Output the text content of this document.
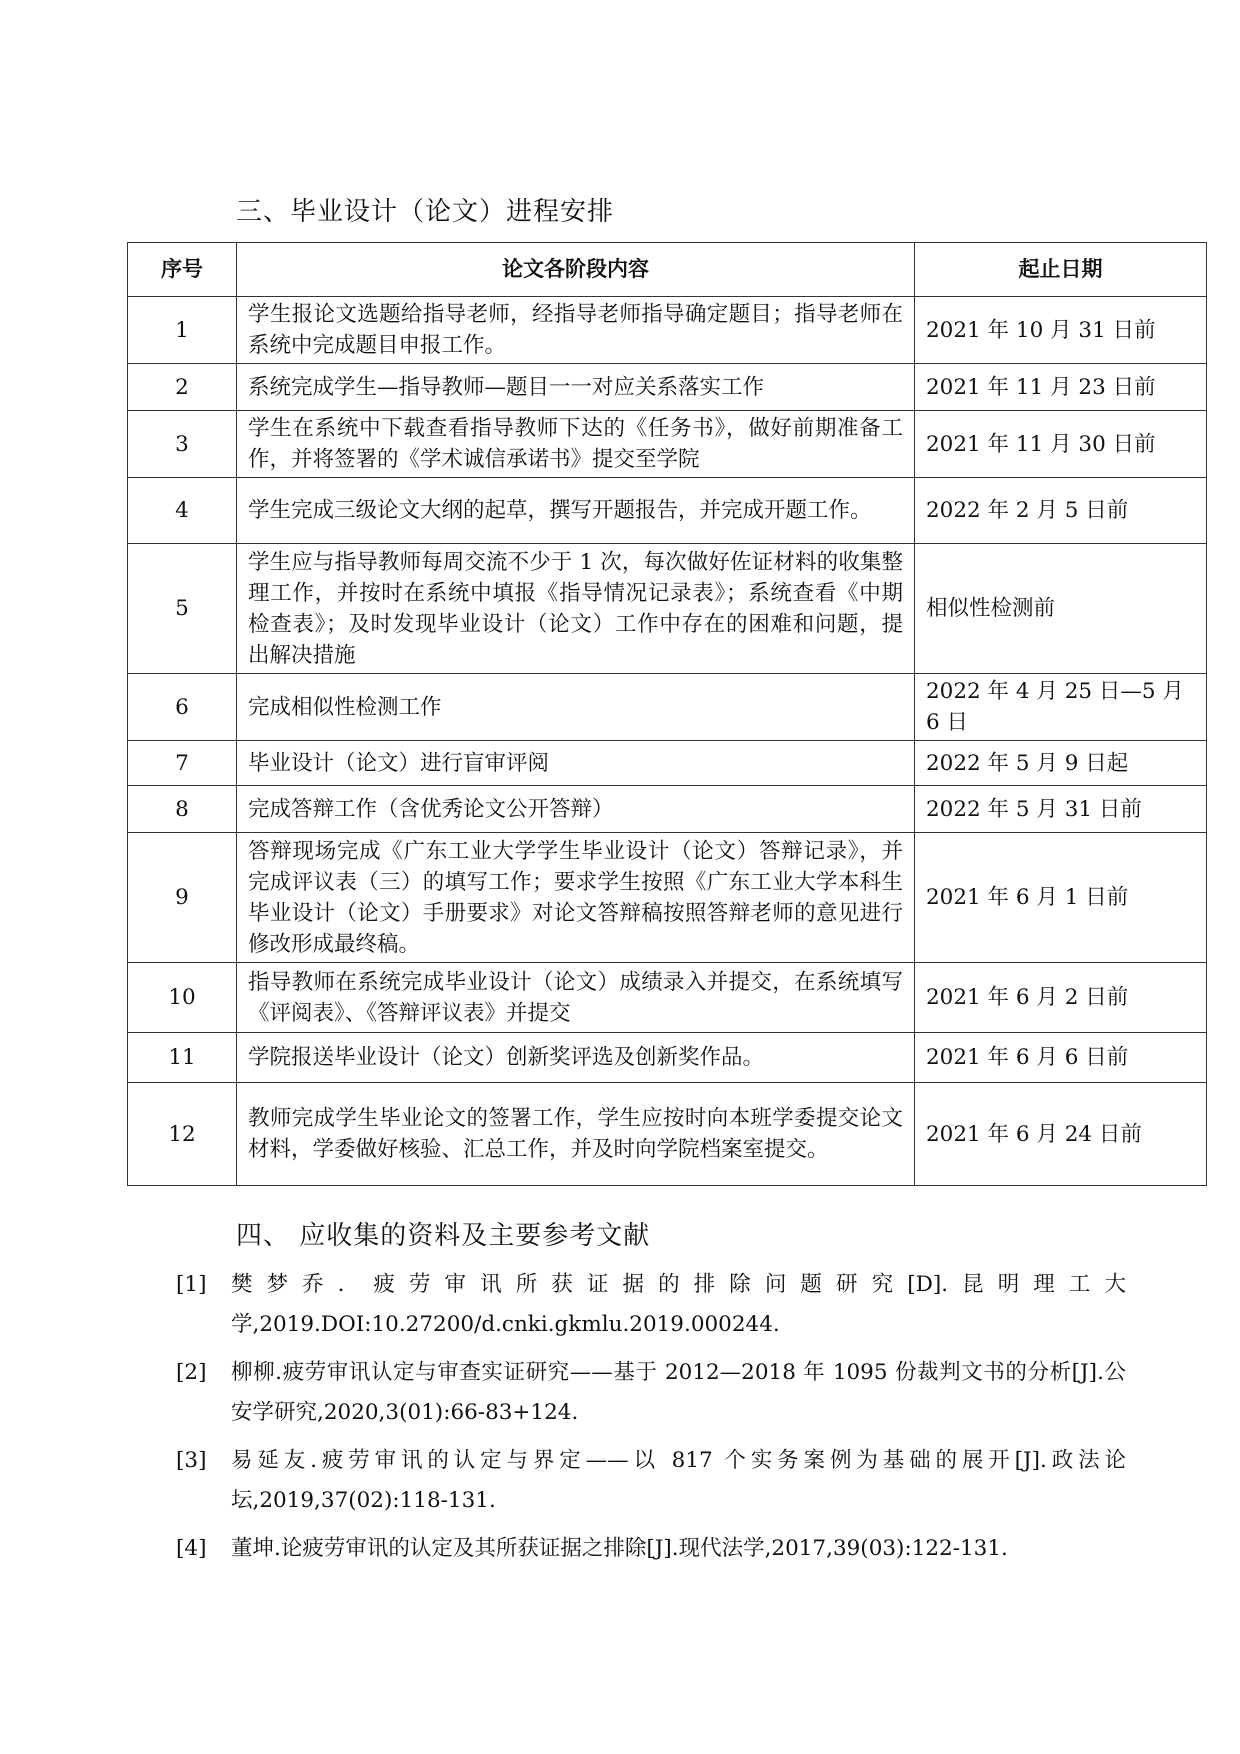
三、毕业设计（论文）进程安排
序号	论文各阶段内容	起止日期
1	学生报论文选题给指导老师，经指导老师指导确定题目；指导老师在系统中完成题目申报工作。	2021 年 10 月 31 日前
2	系统完成学生—指导教师—题目一一对应关系落实工作	2021 年 11 月 23 日前
3	学生在系统中下载查看指导教师下达的《任务书》，做好前期准备工作，并将签署的《学术诚信承诺书》提交至学院	2021 年 11 月 30 日前
4	学生完成三级论文大纲的起草，撰写开题报告，并完成开题工作。	2022 年 2 月 5 日前
5	学生应与指导教师每周交流不少于 1 次，每次做好佐证材料的收集整理工作，并按时在系统中填报《指导情况记录表》；系统查看《中期检查表》；及时发现毕业设计（论文）工作中存在的困难和问题，提出解决措施	相似性检测前
6	完成相似性检测工作	2022 年 4 月 25 日—5 月 6 日
7	毕业设计（论文）进行盲审评阅	2022 年 5 月 9 日起
8	完成答辩工作（含优秀论文公开答辩）	2022 年 5 月 31 日前
9	答辩现场完成《广东工业大学学生毕业设计（论文）答辩记录》，并完成评议表（三）的填写工作；要求学生按照《广东工业大学本科生毕业设计（论文）手册要求》对论文答辩稿按照答辩老师的意见进行修改形成最终稿。	2021 年 6 月 1 日前
10	指导教师在系统完成毕业设计（论文）成绩录入并提交，在系统填写《评阅表》、《答辩评议表》并提交	2021 年 6 月 2 日前
11	学院报送毕业设计（论文）创新奖评选及创新奖作品。	2021 年 6 月 6 日前
12	教师完成学生毕业论文的签署工作，学生应按时向本班学委提交论文材料，学委做好核验、汇总工作，并及时向学院档案室提交。	2021 年 6 月 24 日前
四、 应收集的资料及主要参考文献
[1] 樊梦乔．疲劳审讯所获证据的排除问题研究[D].昆明理工大学,2019.DOI:10.27200/d.cnki.gkmlu.2019.000244.
[2] 柳柳.疲劳审讯认定与审查实证研究——基于 2012—2018 年 1095 份裁判文书的分析[J].公安学研究,2020,3(01):66-83+124.
[3] 易延友.疲劳审讯的认定与界定——以 817 个实务案例为基础的展开[J].政法论坛,2019,37(02):118-131.
[4] 董坤.论疲劳审讯的认定及其所获证据之排除[J].现代法学,2017,39(03):122-131.
